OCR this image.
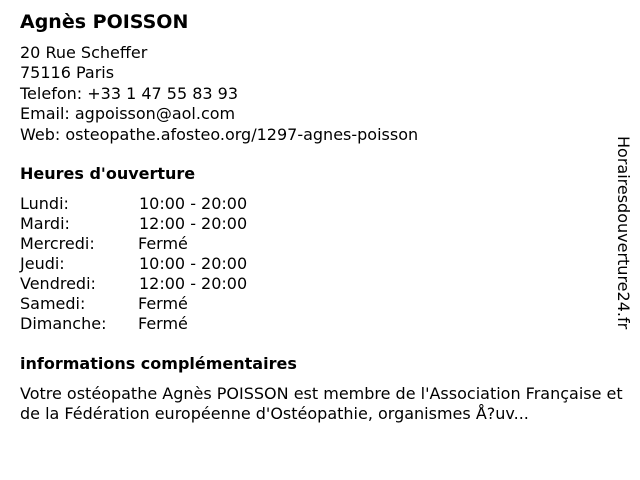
Agnès POISSON
20 Rue Scheffer
75116 Paris
Telefon: +33 1 47 55 83 93
Email: agpoisson@aol.com
Web: osteopathe.afosteo.org/1297-agnes-poisson
Heures d'ouverture
Lundi:	10:00 - 20:00
Mardi:	12:00 - 20:00
Mercredi:	Fermé
Jeudi:	10:00 - 20:00
Vendredi:	12:00 - 20:00
Samedi:	Fermé
Dimanche: Fermé
informations complémentaires
Votre ostéopathe Agnès POISSON est membre de l'Association Française et de la Fédération européenne d'Ostéopathie, organismes Å?uv...
Horairesdouverture24.fr
